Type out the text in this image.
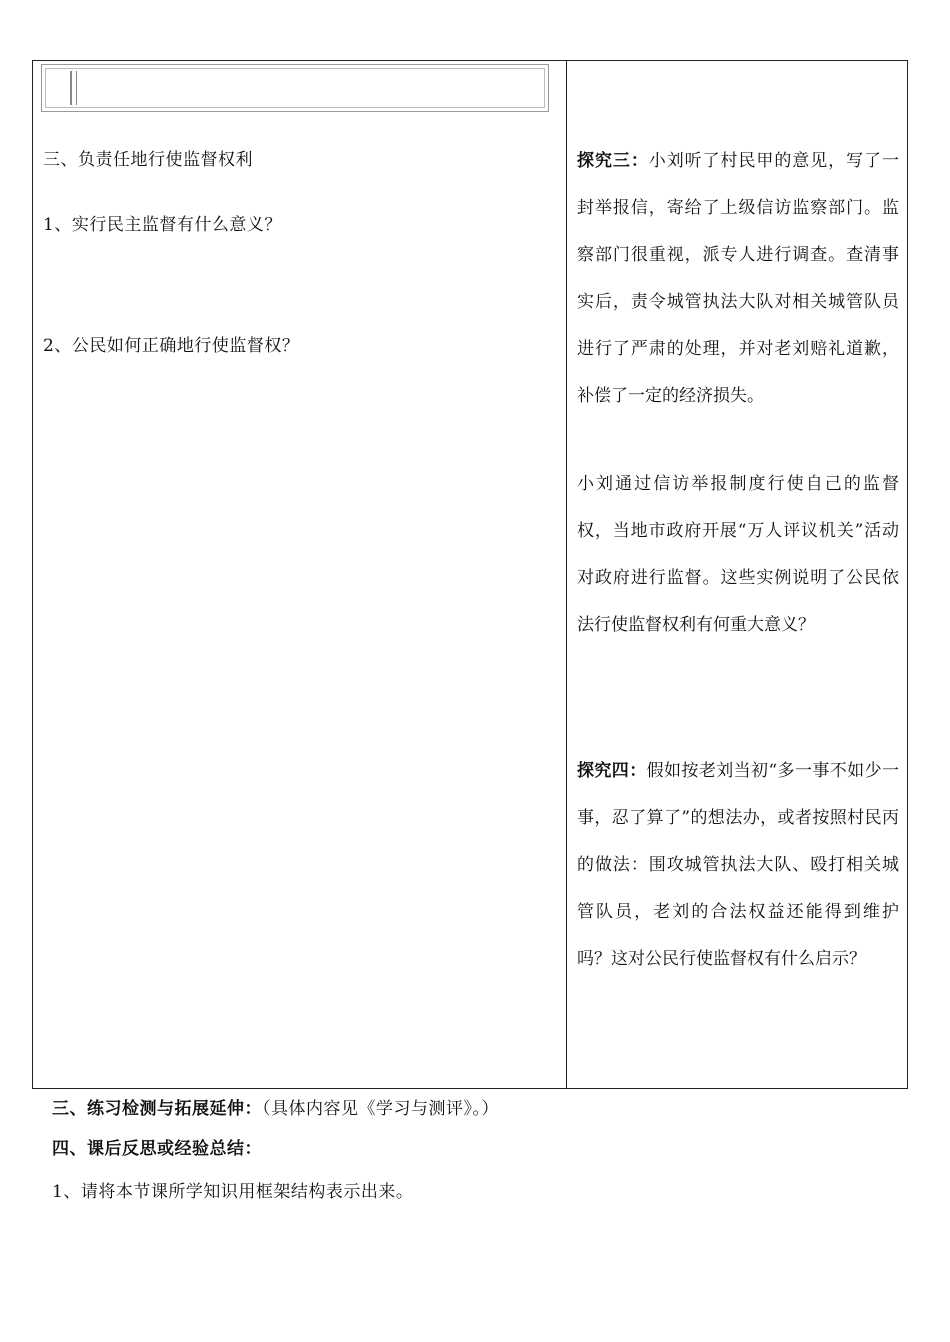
三、负责任地行使监督权利
1、实行民主监督有什么意义？
2、公民如何正确地行使监督权？
探究三：小刘听了村民甲的意见，写了一封举报信，寄给了上级信访监察部门。监察部门很重视，派专人进行调查。查清事实后，责令城管执法大队对相关城管队员进行了严肃的处理，并对老刘赔礼道歉，补偿了一定的经济损失。
小刘通过信访举报制度行使自己的监督权，当地市政府开展“万人评议机关”活动对政府进行监督。这些实例说明了公民依法行使监督权利有何重大意义？
探究四：假如按老刘当初“多一事不如少一事，忍了算了”的想法办，或者按照村民丙的做法：围攻城管执法大队、殴打相关城管队员，老刘的合法权益还能得到维护吗？这对公民行使监督权有什么启示？
三、练习检测与拓展延伸：（具体内容见《学习与测评》。）
四、课后反思或经验总结：
1、请将本节课所学知识用框架结构表示出来。
